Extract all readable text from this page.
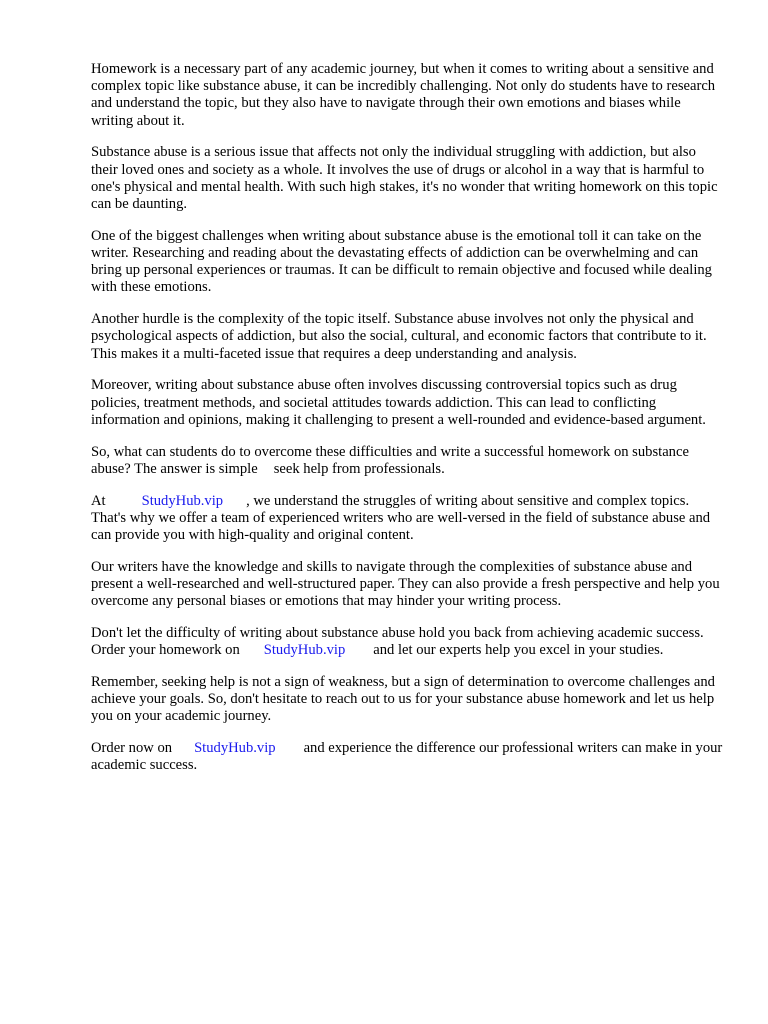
Homework is a necessary part of any academic journey, but when it comes to writing about a sensitive and complex topic like substance abuse, it can be incredibly challenging. Not only do students have to research and understand the topic, but they also have to navigate through their own emotions and biases while writing about it.

Substance abuse is a serious issue that affects not only the individual struggling with addiction, but also their loved ones and society as a whole. It involves the use of drugs or alcohol in a way that is harmful to one's physical and mental health. With such high stakes, it's no wonder that writing homework on this topic can be daunting.

One of the biggest challenges when writing about substance abuse is the emotional toll it can take on the writer. Researching and reading about the devastating effects of addiction can be overwhelming and can bring up personal experiences or traumas. It can be difficult to remain objective and focused while dealing with these emotions.

Another hurdle is the complexity of the topic itself. Substance abuse involves not only the physical and psychological aspects of addiction, but also the social, cultural, and economic factors that contribute to it. This makes it a multi-faceted issue that requires a deep understanding and analysis.

Moreover, writing about substance abuse often involves discussing controversial topics such as drug policies, treatment methods, and societal attitudes towards addiction. This can lead to conflicting information and opinions, making it challenging to present a well-rounded and evidence-based argument.

So, what can students do to overcome these difficulties and write a successful homework on substance abuse? The answer is simple seek help from professionals.

At StudyHub.vip , we understand the struggles of writing about sensitive and complex topics. That's why we offer a team of experienced writers who are well-versed in the field of substance abuse and can provide you with high-quality and original content.

Our writers have the knowledge and skills to navigate through the complexities of substance abuse and present a well-researched and well-structured paper. They can also provide a fresh perspective and help you overcome any personal biases or emotions that may hinder your writing process.

Don't let the difficulty of writing about substance abuse hold you back from achieving academic success. Order your homework on StudyHub.vip and let our experts help you excel in your studies.

Remember, seeking help is not a sign of weakness, but a sign of determination to overcome challenges and achieve your goals. So, don't hesitate to reach out to us for your substance abuse homework and let us help you on your academic journey.

Order now on StudyHub.vip and experience the difference our professional writers can make in your academic success.
